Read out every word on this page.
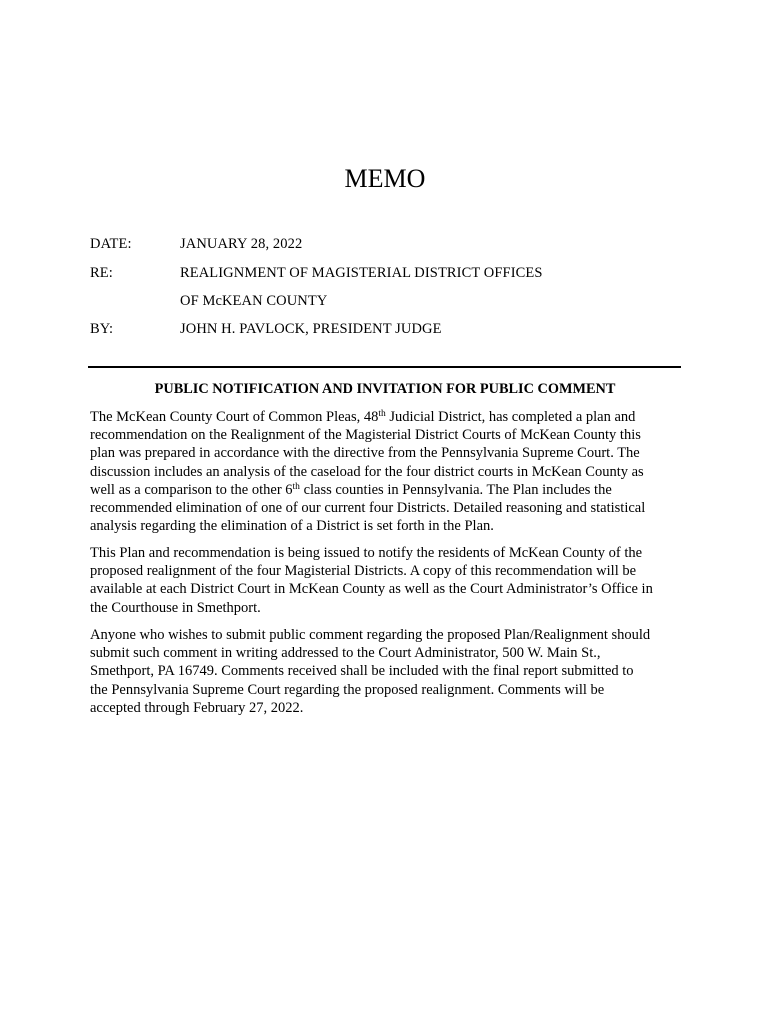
MEMO
DATE:	JANUARY 28, 2022
RE:	REALIGNMENT OF MAGISTERIAL DISTRICT OFFICES
OF McKEAN COUNTY
BY:	JOHN H. PAVLOCK, PRESIDENT JUDGE
PUBLIC NOTIFICATION AND INVITATION FOR PUBLIC COMMENT
The McKean County Court of Common Pleas, 48th Judicial District, has completed a plan and
recommendation on the Realignment of the Magisterial District Courts of McKean County this
plan was prepared in accordance with the directive from the Pennsylvania Supreme Court. The
discussion includes an analysis of the caseload for the four district courts in McKean County as
well as a comparison to the other 6th class counties in Pennsylvania. The Plan includes the
recommended elimination of one of our current four Districts. Detailed reasoning and statistical
analysis regarding the elimination of a District is set forth in the Plan.
This Plan and recommendation is being issued to notify the residents of McKean County of the
proposed realignment of the four Magisterial Districts. A copy of this recommendation will be
available at each District Court in McKean County as well as the Court Administrator’s Office in
the Courthouse in Smethport.
Anyone who wishes to submit public comment regarding the proposed Plan/Realignment should
submit such comment in writing addressed to the Court Administrator, 500 W. Main St.,
Smethport, PA 16749. Comments received shall be included with the final report submitted to
the Pennsylvania Supreme Court regarding the proposed realignment. Comments will be
accepted through February 27, 2022.
